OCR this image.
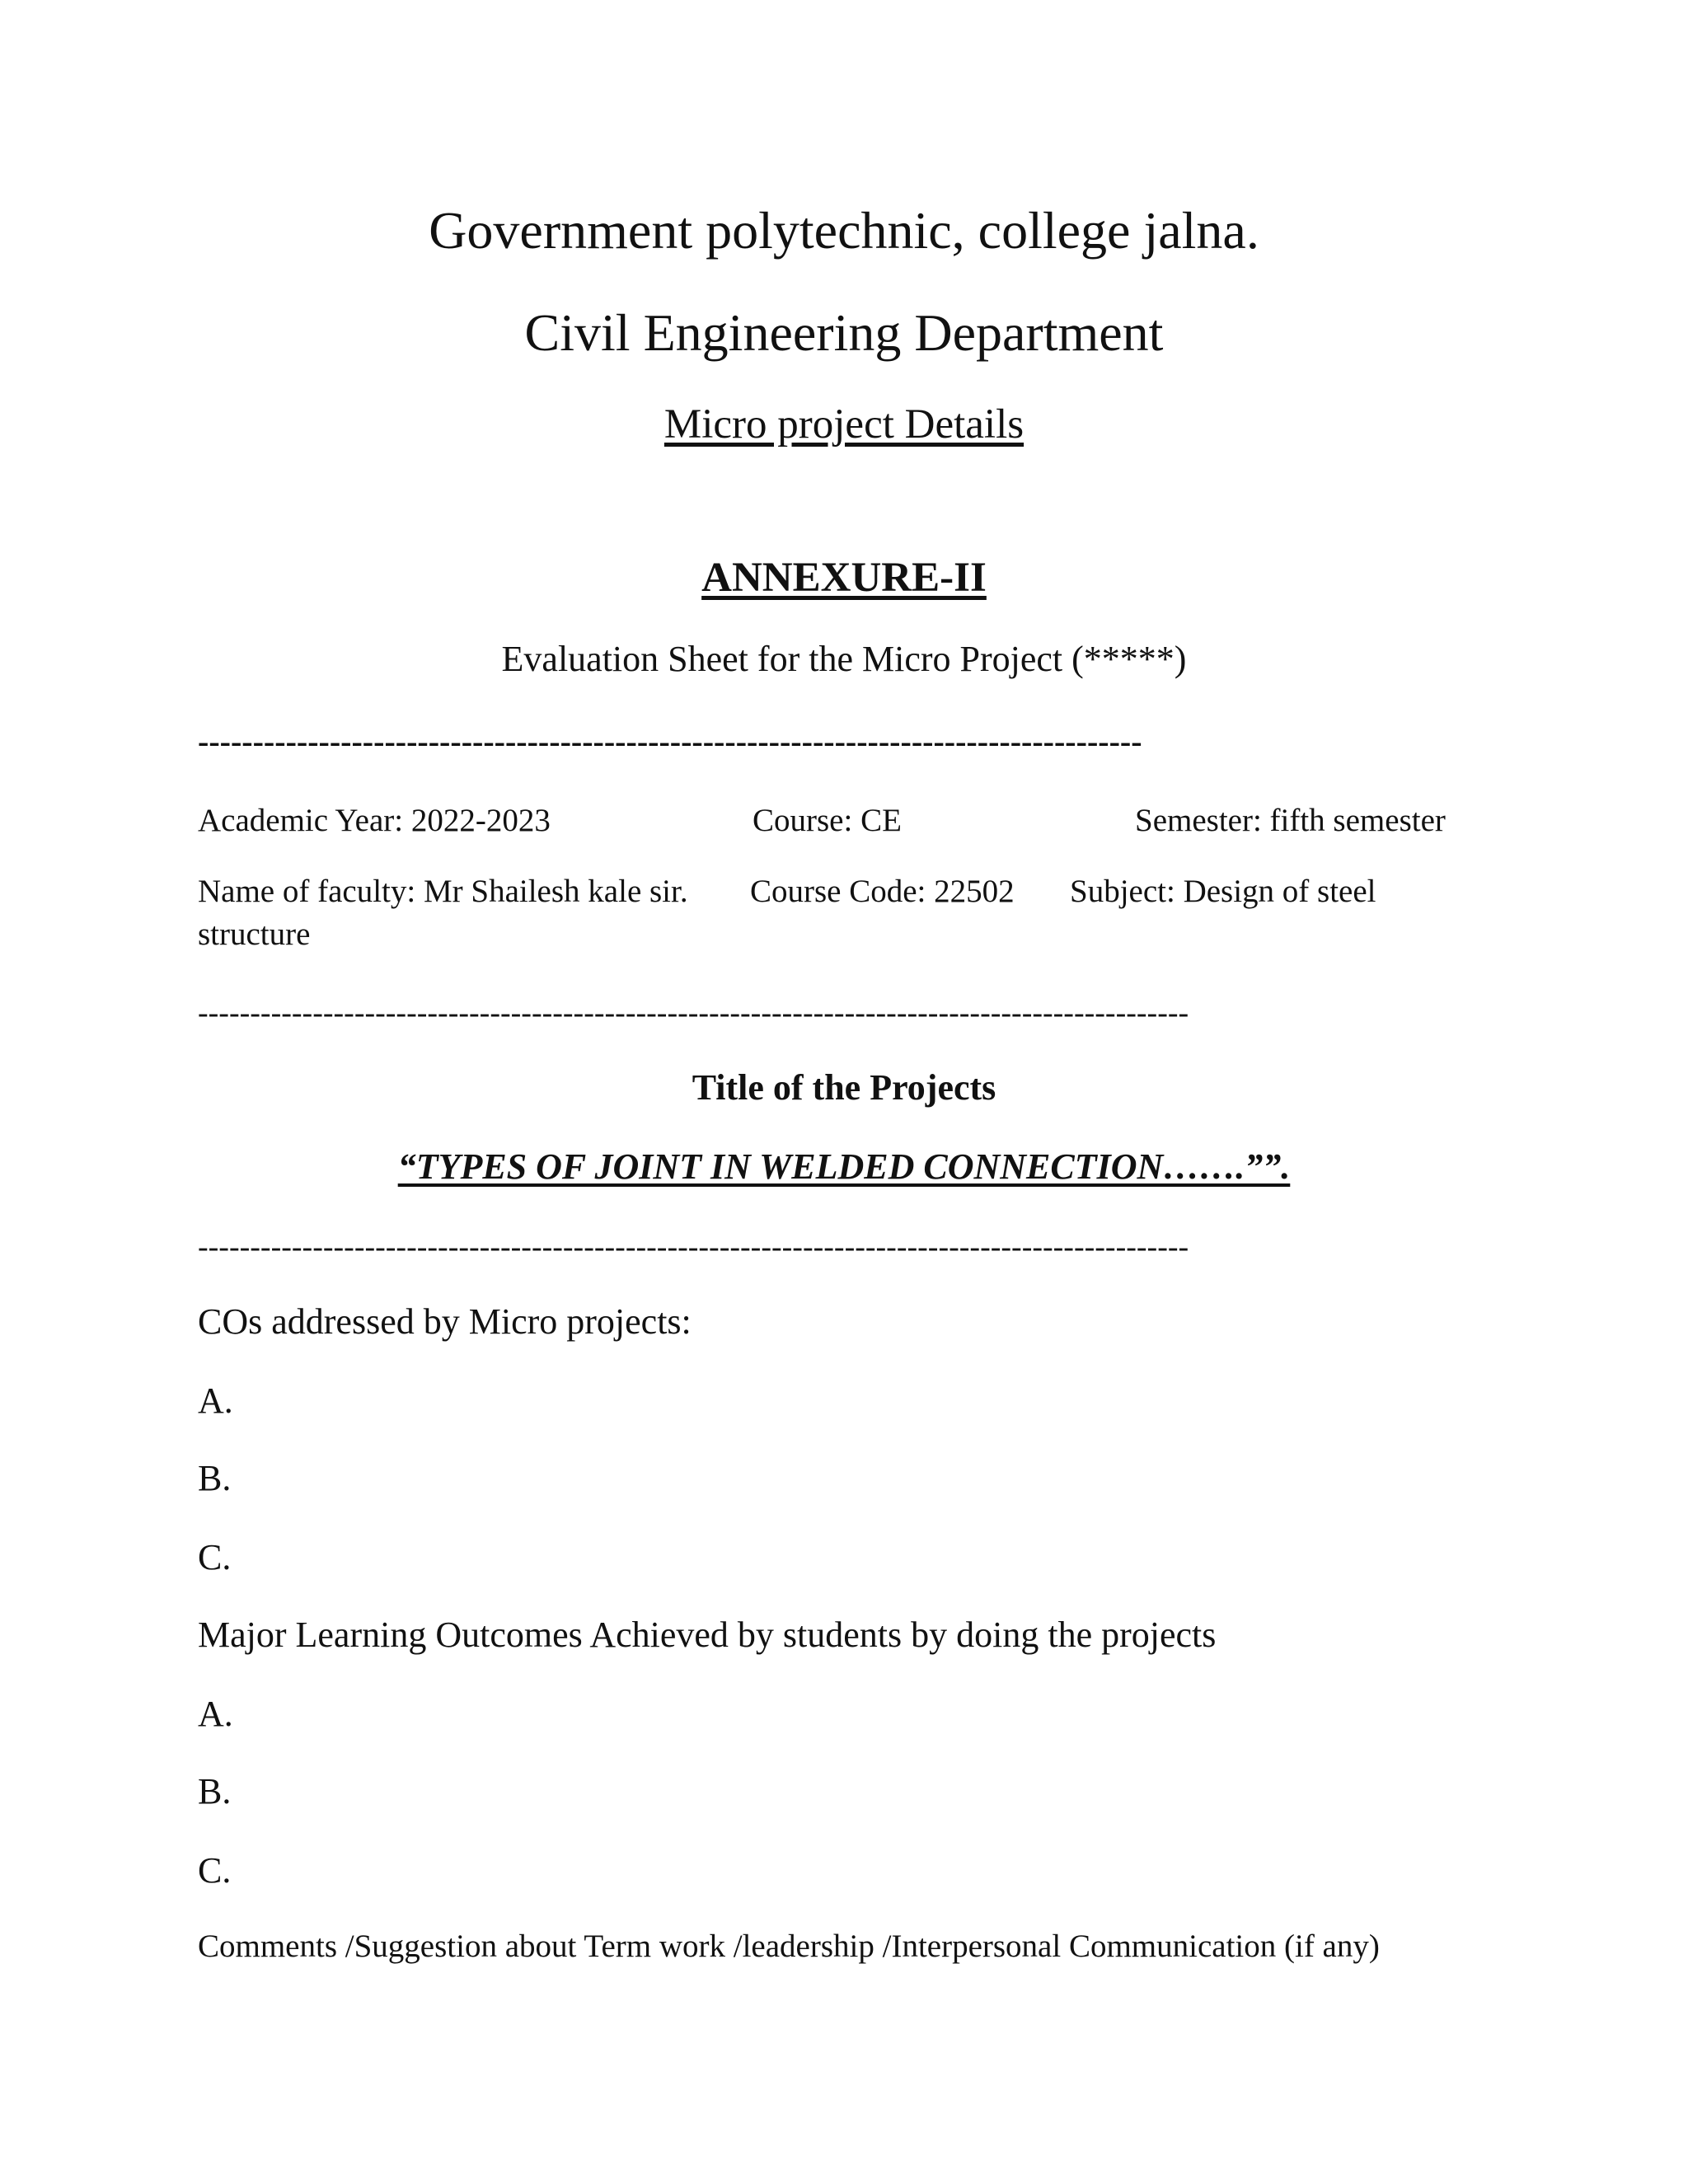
Government polytechnic, college jalna.
Civil Engineering Department
Micro project Details
ANNEXURE-II
Evaluation Sheet for the Micro Project (*****)
--------------------------------------------------------------------------------------
Academic Year: 2022-2023	Course: CE	Semester: fifth semester
Name of faculty: Mr Shailesh kale sir. Course Code: 22502 Subject: Design of steel
structure
-----------------------------------------------------------------------------------------------
Title of the Projects
“TYPES OF JOINT IN WELDED CONNECTION…….””.
-----------------------------------------------------------------------------------------------
COs addressed by Micro projects:
A.
B.
C.
Major Learning Outcomes Achieved by students by doing the projects
A.
B.
C.
Comments /Suggestion about Term work /leadership /Interpersonal Communication (if any)
